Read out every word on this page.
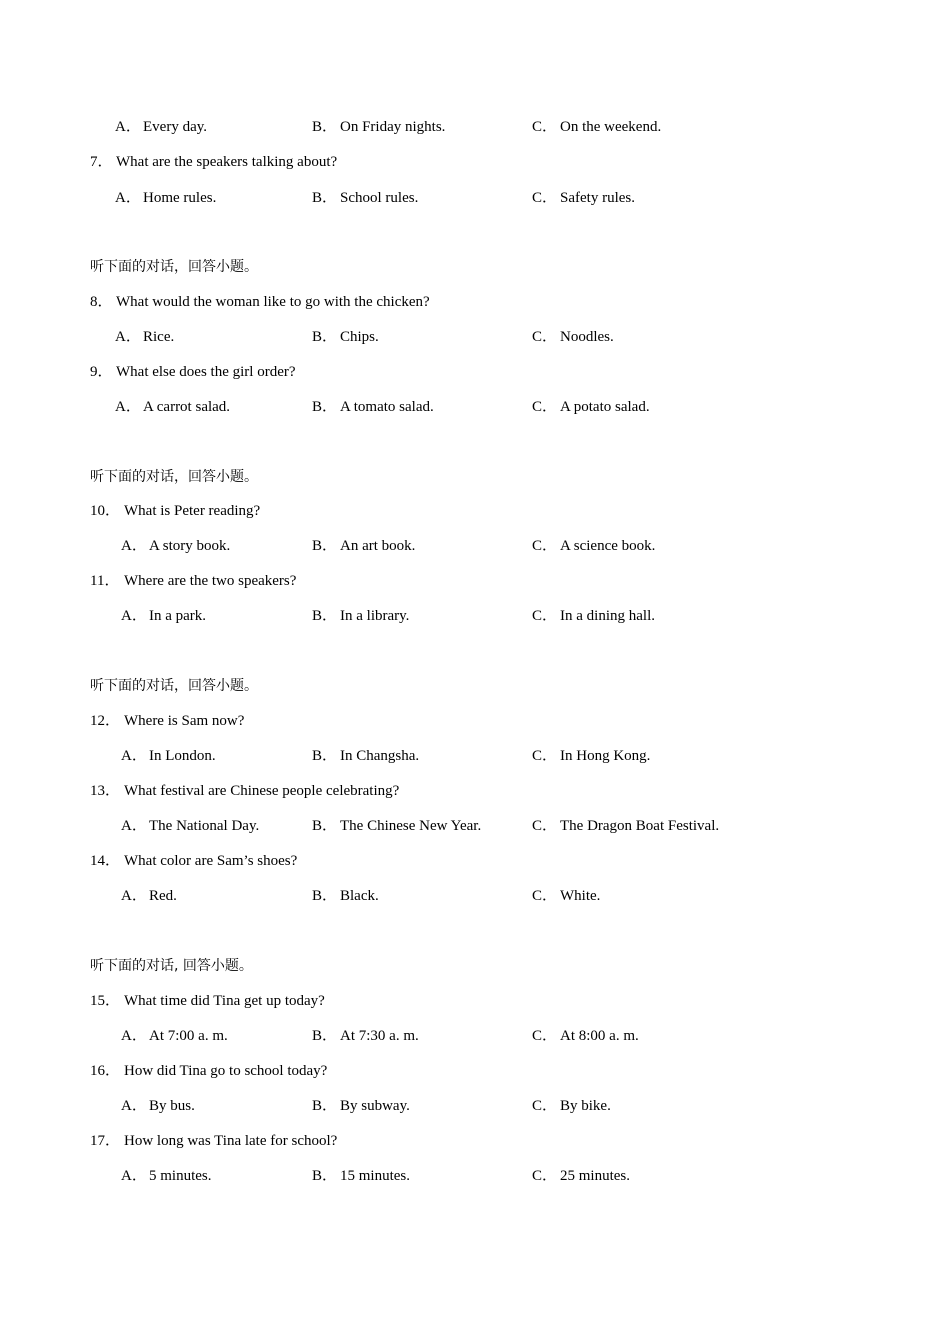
A． Every day.	B． On Friday nights.	C． On the weekend.
7． What are the speakers talking about?
A． Home rules.	B． School rules.	C． Safety rules.
听下面的对话，回答小题。
8． What would the woman like to go with the chicken?
A． Rice.	B． Chips.	C． Noodles.
9． What else does the girl order?
A． A carrot salad.	B． A tomato salad.	C． A potato salad.
听下面的对话，回答小题。
10． What is Peter reading?
A． A story book.	B． An art book.	C． A science book.
11． Where are the two speakers?
A． In a park.	B． In a library.	C． In a dining hall.
听下面的对话，回答小题。
12． Where is Sam now?
A． In London.	B． In Changsha.	C． In Hong Kong.
13． What festival are Chinese people celebrating?
A． The National Day.	B． The Chinese New Year.	C． The Dragon Boat Festival.
14． What color are Sam’s shoes?
A． Red.	B． Black.	C． White.
听下面的对话, 回答小题。
15． What time did Tina get up today?
A． At 7:00 a. m.	B． At 7:30 a. m.	C． At 8:00 a. m.
16． How did Tina go to school today?
A． By bus.	B． By subway.	C． By bike.
17． How long was Tina late for school?
A． 5 minutes.	B． 15 minutes.	C． 25 minutes.
